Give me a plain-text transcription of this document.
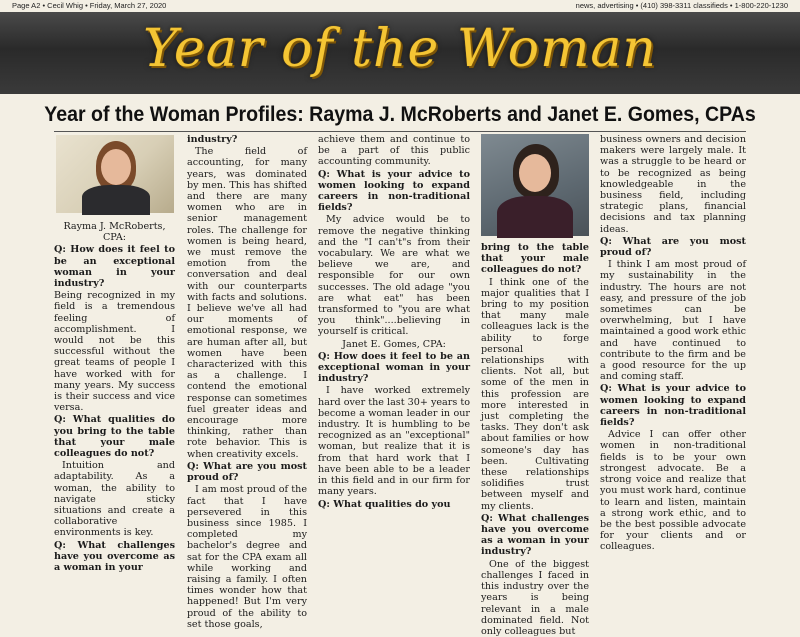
Page A2 • Cecil Whig • Friday, March 27, 2020	news, advertising • (410) 398-3311 classifieds • 1-800-220-1230
Year of the Woman
Year of the Woman Profiles: Rayma J. McRoberts and Janet E. Gomes, CPAs

Rayma J. McRoberts, CPA:

Q: How does it feel to be an exceptional woman in your industry?

Being recognized in my field is a tremendous feeling of accomplishment. I would not be this successful without the great teams of people I have worked with for many years. My success is their success and vice versa.

Q: What qualities do you bring to the table that your male colleagues do not?

Intuition and adaptability. As a woman, the ability to navigate sticky situations and create a collaborative environments is key.

Q: What challenges have you overcome as a woman in your

industry?

The field of accounting, for many years, was dominated by men. This has shifted and there are many women who are in senior management roles. The challenge for women is being heard, we must remove the emotion from the conversation and deal with our counterparts with facts and solutions. I believe we've all had our moments of emotional response, we are human after all, but women have been characterized with this as a challenge. I contend the emotional response can sometimes fuel greater ideas and encourage more thinking, rather than rote behavior. This is when creativity excels.

Q: What are you most proud of?

I am most proud of the fact that I have persevered in this business since 1985. I completed my bachelor's degree and sat for the CPA exam all while working and raising a family. I often times wonder how that happened! But I'm very proud of the ability to set those goals,

achieve them and continue to be a part of this public accounting community.

Q: What is your advice to women looking to expand careers in non-traditional fields?

My advice would be to remove the negative thinking and the "I can't"s from their vocabulary. We are what we believe we are, and responsible for our own successes. The old adage "you are what eat" has been transformed to "you are what you think"....believing in yourself is critical.

Janet E. Gomes, CPA:

Q: How does it feel to be an exceptional woman in your industry?

I have worked extremely hard over the last 30+ years to become a woman leader in our industry. It is humbling to be recognized as an "exceptional" woman, but realize that it is from that hard work that I have been able to be a leader in this field and in our firm for many years.

Q: What qualities do you

bring to the table that your male colleagues do not?

I think one of the major qualities that I bring to my position that many male colleagues lack is the ability to forge personal relationships with clients. Not all, but some of the men in this profession are more interested in just completing the tasks. They don't ask about families or how someone's day has been. Cultivating these relationships solidifies trust between myself and my clients.

Q: What challenges have you overcome as a woman in your industry?

One of the biggest challenges I faced in this industry over the years is being relevant in a male dominated field. Not only colleagues but

business owners and decision makers were largely male. It was a struggle to be heard or to be recognized as being knowledgeable in the business field, including strategic plans, financial decisions and tax planning ideas.

Q: What are you most proud of?

I think I am most proud of my sustainability in the industry. The hours are not easy, and pressure of the job sometimes can be overwhelming, but I have maintained a good work ethic and have continued to contribute to the firm and be a good resource for the up and coming staff.

Q: What is your advice to women looking to expand careers in non-traditional fields?

Advice I can offer other women in non-traditional fields is to be your own strongest advocate. Be a strong voice and realize that you must work hard, continue to learn and listen, maintain a strong work ethic, and to be the best possible advocate for your clients and or colleagues.
